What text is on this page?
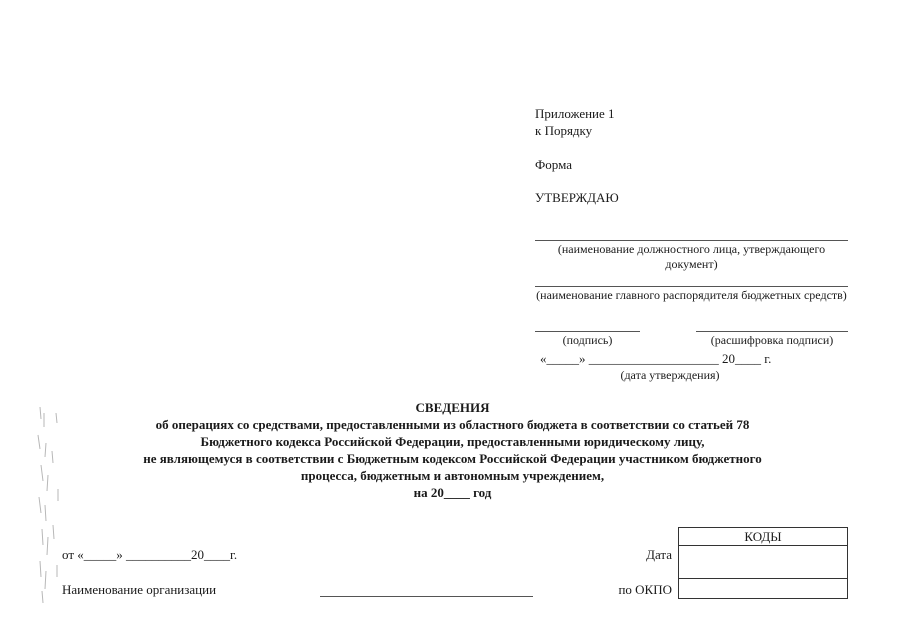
Приложение 1
к Порядку
Форма
УТВЕРЖДАЮ
(наименование должностного лица, утверждающего документ)
(наименование главного распорядителя бюджетных средств)
(подпись)	(расшифровка подписи)
«_____» ____________________ 20____ г.
(дата утверждения)
СВЕДЕНИЯ
об операциях со средствами, предоставленными из областного бюджета в соответствии со статьей 78
Бюджетного кодекса Российской Федерации, предоставленными юридическому лицу,
не являющемуся в соответствии с Бюджетным кодексом Российской Федерации участником бюджетного
процесса, бюджетным и автономным учреждением,
на 20____ год
от «_____» __________20____г.
Наименование организации
Дата
по ОКПО
КОДЫ
